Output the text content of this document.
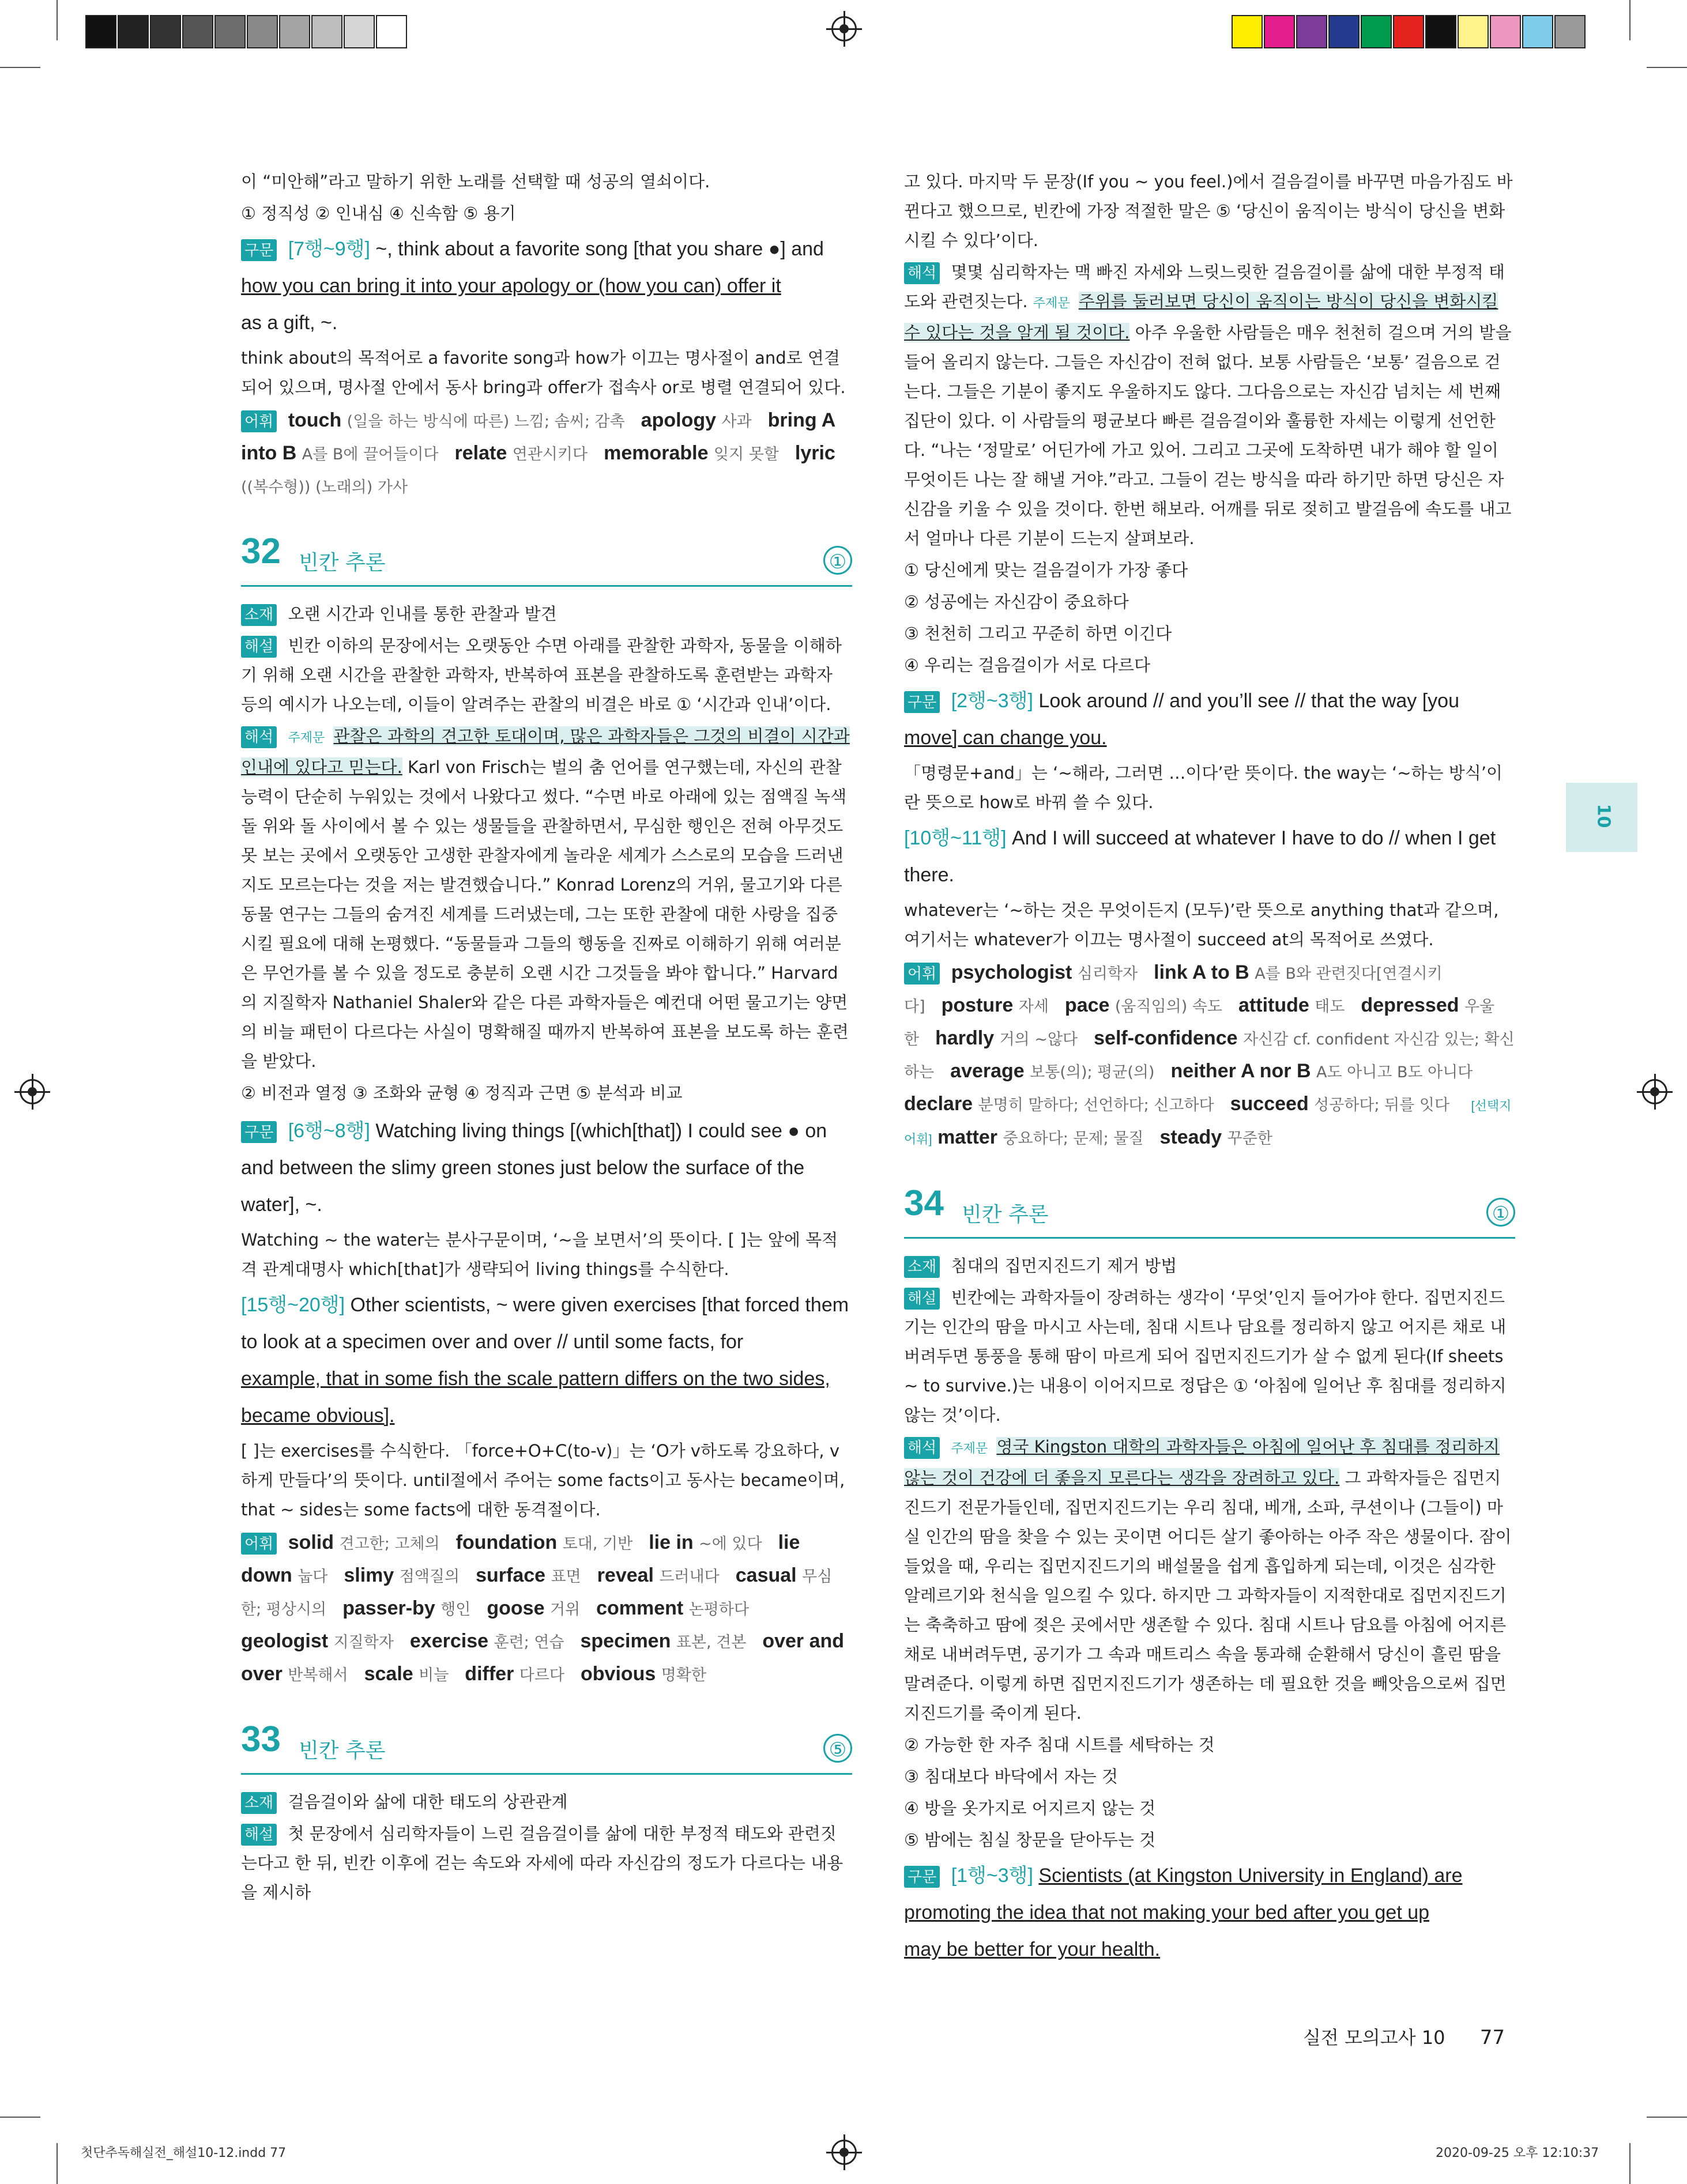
10

이 “미안해”라고 말하기 위한 노래를 선택할 때 성공의 열쇠이다.

① 정직성 ② 인내심 ④ 신속함 ⑤ 용기

구문 [7행~9행] ~, think about a favorite song [that you share ●] and
how you can bring it into your apology or (how you can) offer it
as a gift, ~.

think about의 목적어로 a favorite song과 how가 이끄는 명사절이 and로 연결되어 있으며, 명사절 안에서 동사 bring과 offer가 접속사 or로 병렬 연결되어 있다.

어휘 touch (일을 하는 방식에 따른) 느낌; 솜씨; 감촉 apology 사과 bring A into B A를 B에 끌어들이다 relate 연관시키다 memorable 잊지 못할 lyric ((복수형)) (노래의) 가사
32 빈칸 추론	①

소재 오랜 시간과 인내를 통한 관찰과 발견

해설 빈칸 이하의 문장에서는 오랫동안 수면 아래를 관찰한 과학자, 동물을 이해하기 위해 오랜 시간을 관찰한 과학자, 반복하여 표본을 관찰하도록 훈련받는 과학자 등의 예시가 나오는데, 이들이 알려주는 관찰의 비결은 바로 ① ‘시간과 인내’이다.

해석 주제문 관찰은 과학의 견고한 토대이며, 많은 과학자들은 그것의 비결이 시간과 인내에 있다고 믿는다. Karl von Frisch는 벌의 춤 언어를 연구했는데, 자신의 관찰 능력이 단순히 누워있는 것에서 나왔다고 썼다. “수면 바로 아래에 있는 점액질 녹색 돌 위와 돌 사이에서 볼 수 있는 생물들을 관찰하면서, 무심한 행인은 전혀 아무것도 못 보는 곳에서 오랫동안 고생한 관찰자에게 놀라운 세계가 스스로의 모습을 드러낸지도 모르는다는 것을 저는 발견했습니다.” Konrad Lorenz의 거위, 물고기와 다른 동물 연구는 그들의 숨겨진 세계를 드러냈는데, 그는 또한 관찰에 대한 사랑을 집중시킬 필요에 대해 논평했다. “동물들과 그들의 행동을 진짜로 이해하기 위해 여러분은 무언가를 볼 수 있을 정도로 충분히 오랜 시간 그것들을 봐야 합니다.” Harvard의 지질학자 Nathaniel Shaler와 같은 다른 과학자들은 예컨대 어떤 물고기는 양면의 비늘 패턴이 다르다는 사실이 명확해질 때까지 반복하여 표본을 보도록 하는 훈련을 받았다.

② 비전과 열정 ③ 조화와 균형 ④ 정직과 근면 ⑤ 분석과 비교

구문 [6행~8행] Watching living things [(which[that]) I could see ● on and between the slimy green stones just below the surface of the water], ~.

Watching ~ the water는 분사구문이며, ‘~을 보면서’의 뜻이다. [ ]는 앞에 목적격 관계대명사 which[that]가 생략되어 living things를 수식한다.

[15행~20행] Other scientists, ~ were given exercises [that forced them to look at a specimen over and over // until some facts, for
example, that in some fish the scale pattern differs on the two sides,
became obvious].

[ ]는 exercises를 수식한다. 「force+O+C(to-v)」는 ‘O가 v하도록 강요하다, v하게 만들다’의 뜻이다. until절에서 주어는 some facts이고 동사는 became이며, that ~ sides는 some facts에 대한 동격절이다.

어휘 solid 견고한; 고체의 foundation 토대, 기반 lie in ~에 있다 lie down 눕다 slimy 점액질의 surface 표면 reveal 드러내다 casual 무심한; 평상시의 passer-by 행인 goose 거위 comment 논평하다geologist 지질학자 exercise 훈련; 연습 specimen 표본, 견본 over and over 반복해서 scale 비늘 differ 다르다 obvious 명확한
33 빈칸 추론	⑤

소재 걸음걸이와 삶에 대한 태도의 상관관계

해설 첫 문장에서 심리학자들이 느린 걸음걸이를 삶에 대한 부정적 태도와 관련짓는다고 한 뒤, 빈칸 이후에 걷는 속도와 자세에 따라 자신감의 정도가 다르다는 내용을 제시하

고 있다. 마지막 두 문장(If you ~ you feel.)에서 걸음걸이를 바꾸면 마음가짐도 바뀐다고 했으므로, 빈칸에 가장 적절한 말은 ⑤ ‘당신이 움직이는 방식이 당신을 변화시킬 수 있다’이다.

해석 몇몇 심리학자는 맥 빠진 자세와 느릿느릿한 걸음걸이를 삶에 대한 부정적 태도와 관련짓는다. 주제문 주위를 둘러보면 당신이 움직이는 방식이 당신을 변화시킬 수 있다는 것을 알게 될 것이다. 아주 우울한 사람들은 매우 천천히 걸으며 거의 발을 들어 올리지 않는다. 그들은 자신감이 전혀 없다. 보통 사람들은 ‘보통’ 걸음으로 걷는다. 그들은 기분이 좋지도 우울하지도 않다. 그다음으로는 자신감 넘치는 세 번째 집단이 있다. 이 사람들의 평균보다 빠른 걸음걸이와 훌륭한 자세는 이렇게 선언한다. “나는 ‘정말로’ 어딘가에 가고 있어. 그리고 그곳에 도착하면 내가 해야 할 일이 무엇이든 나는 잘 해낼 거야.”라고. 그들이 걷는 방식을 따라 하기만 하면 당신은 자신감을 키울 수 있을 것이다. 한번 해보라. 어깨를 뒤로 젖히고 발걸음에 속도를 내고서 얼마나 다른 기분이 드는지 살펴보라.

① 당신에게 맞는 걸음걸이가 가장 좋다

② 성공에는 자신감이 중요하다

③ 천천히 그리고 꾸준히 하면 이긴다

④ 우리는 걸음걸이가 서로 다르다

구문 [2행~3행] Look around // and you’ll see // that the way [you
move] can change you.

「명령문+and」는 ‘~해라, 그러면 …이다’란 뜻이다. the way는 ‘~하는 방식’이란 뜻으로 how로 바꿔 쓸 수 있다.

[10행~11행] And I will succeed at whatever I have to do // when I get there.

whatever는 ‘~하는 것은 무엇이든지 (모두)’란 뜻으로 anything that과 같으며, 여기서는 whatever가 이끄는 명사절이 succeed at의 목적어로 쓰였다.

어휘 psychologist 심리학자 link A to B A를 B와 관련짓다[연결시키다] posture 자세 pace (움직임의) 속도 attitude 태도 depressed 우울한 hardly 거의 ~않다 self-confidence 자신감 cf. confident 자신감 있는; 확신하는 average 보통(의); 평균(의) neither A nor B A도 아니고 B도 아니다declare 분명히 말하다; 선언하다; 신고하다 succeed 성공하다; 뒤를 잇다 [선택지 어휘] matter 중요하다; 문제; 물질 steady 꾸준한
34 빈칸 추론	①

소재 침대의 집먼지진드기 제거 방법

해설 빈칸에는 과학자들이 장려하는 생각이 ‘무엇’인지 들어가야 한다. 집먼지진드기는 인간의 땀을 마시고 사는데, 침대 시트나 담요를 정리하지 않고 어지른 채로 내버려두면 통풍을 통해 땀이 마르게 되어 집먼지진드기가 살 수 없게 된다(If sheets ~ to survive.)는 내용이 이어지므로 정답은 ① ‘아침에 일어난 후 침대를 정리하지 않는 것’이다.

해석 주제문 영국 Kingston 대학의 과학자들은 아침에 일어난 후 침대를 정리하지 않는 것이 건강에 더 좋을지 모른다는 생각을 장려하고 있다. 그 과학자들은 집먼지진드기 전문가들인데, 집먼지진드기는 우리 침대, 베개, 소파, 쿠션이나 (그들이) 마실 인간의 땀을 찾을 수 있는 곳이면 어디든 살기 좋아하는 아주 작은 생물이다. 잠이 들었을 때, 우리는 집먼지진드기의 배설물을 쉽게 흡입하게 되는데, 이것은 심각한 알레르기와 천식을 일으킬 수 있다. 하지만 그 과학자들이 지적한대로 집먼지진드기는 축축하고 땀에 젖은 곳에서만 생존할 수 있다. 침대 시트나 담요를 아침에 어지른 채로 내버려두면, 공기가 그 속과 매트리스 속을 통과해 순환해서 당신이 흘린 땀을 말려준다. 이렇게 하면 집먼지진드기가 생존하는 데 필요한 것을 빼앗음으로써 집먼지진드기를 죽이게 된다.

② 가능한 한 자주 침대 시트를 세탁하는 것

③ 침대보다 바닥에서 자는 것

④ 방을 옷가지로 어지르지 않는 것

⑤ 밤에는 침실 창문을 닫아두는 것

구문 [1행~3행] Scientists (at Kingston University in England) are
promoting the idea that not making your bed after you get up
may be better for your health.

실전 모의고사 10 77
첫단추독해실전_해설10-12.indd 77	2020-09-25 오후 12:10:37
